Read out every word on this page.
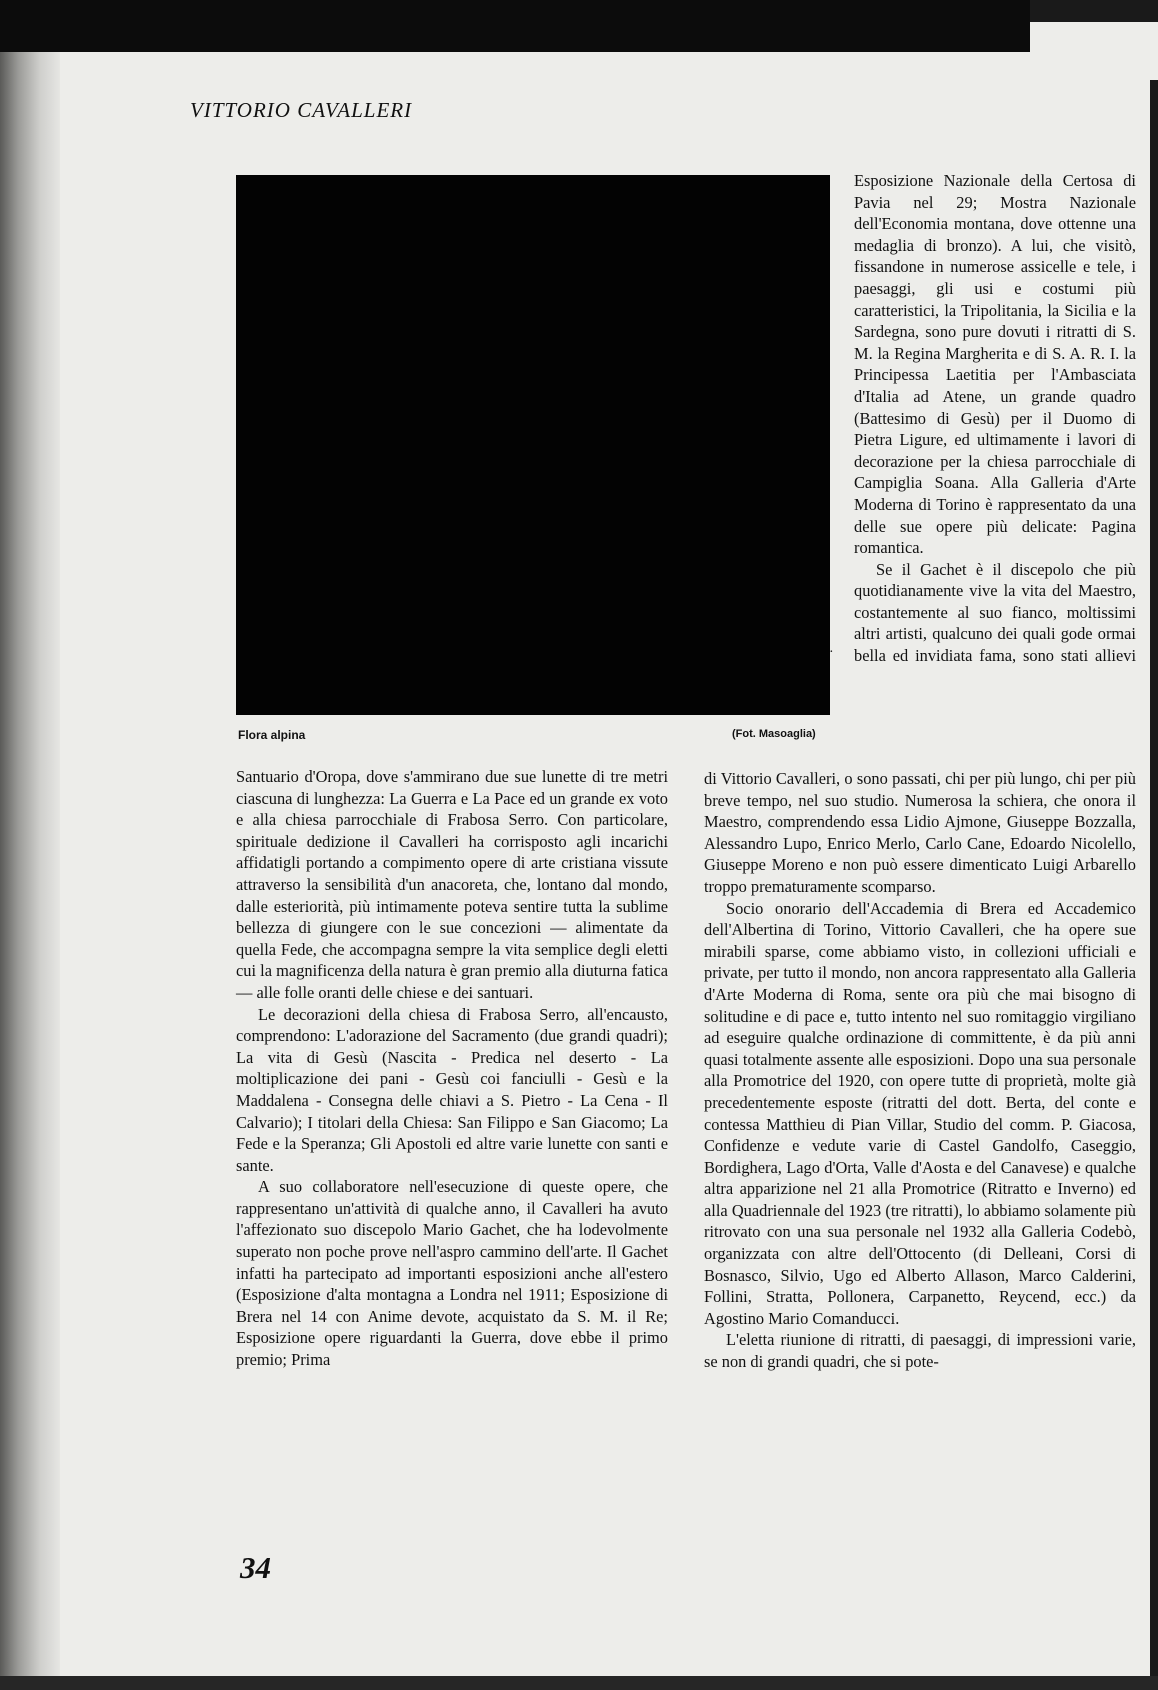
VITTORIO CAVALLERI
Flora alpina	(Fot. Masoaglia)

Esposizione Nazionale della Certosa di Pavia nel 29; Mostra Nazionale dell'Economia montana, dove ottenne una medaglia di bronzo). A lui, che visitò, fissandone in numerose assicelle e tele, i paesaggi, gli usi e costumi più caratteristici, la Tripolitania, la Sicilia e la Sardegna, sono pure dovuti i ritratti di S. M. la Regina Margherita e di S. A. R. I. la Principessa Laetitia per l'Ambasciata d'Italia ad Atene, un grande quadro (Battesimo di Gesù) per il Duomo di Pietra Ligure, ed ultimamente i lavori di decorazione per la chiesa parrocchiale di Campiglia Soana. Alla Galleria d'Arte Moderna di Torino è rappresentato da una delle sue opere più delicate: Pagina romantica.

Se il Gachet è il discepolo che più quotidianamente vive la vita del Maestro, costantemente al suo fianco, moltissimi altri artisti, qualcuno dei quali gode ormai bella ed invidiata fama, sono stati allievi

·

Santuario d'Oropa, dove s'ammirano due sue lunette di tre metri ciascuna di lunghezza: La Guerra e La Pace ed un grande ex voto e alla chiesa parrocchiale di Frabosa Serro. Con particolare, spirituale dedizione il Cavalleri ha corrisposto agli incarichi affidatigli portando a compimento opere di arte cristiana vissute attraverso la sensibilità d'un anacoreta, che, lontano dal mondo, dalle esteriorità, più intimamente poteva sentire tutta la sublime bellezza di giungere con le sue concezioni — alimentate da quella Fede, che accompagna sempre la vita semplice degli eletti cui la magnificenza della natura è gran premio alla diuturna fatica — alle folle oranti delle chiese e dei santuari.

Le decorazioni della chiesa di Frabosa Serro, all'encausto, comprendono: L'adorazione del Sacramento (due grandi quadri); La vita di Gesù (Nascita - Predica nel deserto - La moltiplicazione dei pani - Gesù coi fanciulli - Gesù e la Maddalena - Consegna delle chiavi a S. Pietro - La Cena - Il Calvario); I titolari della Chiesa: San Filippo e San Giacomo; La Fede e la Speranza; Gli Apostoli ed altre varie lunette con santi e sante.

A suo collaboratore nell'esecuzione di queste opere, che rappresentano un'attività di qualche anno, il Cavalleri ha avuto l'affezionato suo discepolo Mario Gachet, che ha lodevolmente superato non poche prove nell'aspro cammino dell'arte. Il Gachet infatti ha partecipato ad importanti esposizioni anche all'estero (Esposizione d'alta montagna a Londra nel 1911; Esposizione di Brera nel 14 con Anime devote, acquistato da S. M. il Re; Esposizione opere riguardanti la Guerra, dove ebbe il primo premio; Prima

di Vittorio Cavalleri, o sono passati, chi per più lungo, chi per più breve tempo, nel suo studio. Numerosa la schiera, che onora il Maestro, comprendendo essa Lidio Ajmone, Giuseppe Bozzalla, Alessandro Lupo, Enrico Merlo, Carlo Cane, Edoardo Nicolello, Giuseppe Moreno e non può essere dimenticato Luigi Arbarello troppo prematuramente scomparso.

Socio onorario dell'Accademia di Brera ed Accademico dell'Albertina di Torino, Vittorio Cavalleri, che ha opere sue mirabili sparse, come abbiamo visto, in collezioni ufficiali e private, per tutto il mondo, non ancora rappresentato alla Galleria d'Arte Moderna di Roma, sente ora più che mai bisogno di solitudine e di pace e, tutto intento nel suo romitaggio virgiliano ad eseguire qualche ordinazione di committente, è da più anni quasi totalmente assente alle esposizioni. Dopo una sua personale alla Promotrice del 1920, con opere tutte di proprietà, molte già precedentemente esposte (ritratti del dott. Berta, del conte e contessa Matthieu di Pian Villar, Studio del comm. P. Giacosa, Confidenze e vedute varie di Castel Gandolfo, Caseggio, Bordighera, Lago d'Orta, Valle d'Aosta e del Canavese) e qualche altra apparizione nel 21 alla Promotrice (Ritratto e Inverno) ed alla Quadriennale del 1923 (tre ritratti), lo abbiamo solamente più ritrovato con una sua personale nel 1932 alla Galleria Codebò, organizzata con altre dell'Ottocento (di Delleani, Corsi di Bosnasco, Silvio, Ugo ed Alberto Allason, Marco Calderini, Follini, Stratta, Pollonera, Carpanetto, Reycend, ecc.) da Agostino Mario Comanducci.

L'eletta riunione di ritratti, di paesaggi, di impressioni varie, se non di grandi quadri, che si pote-

34
